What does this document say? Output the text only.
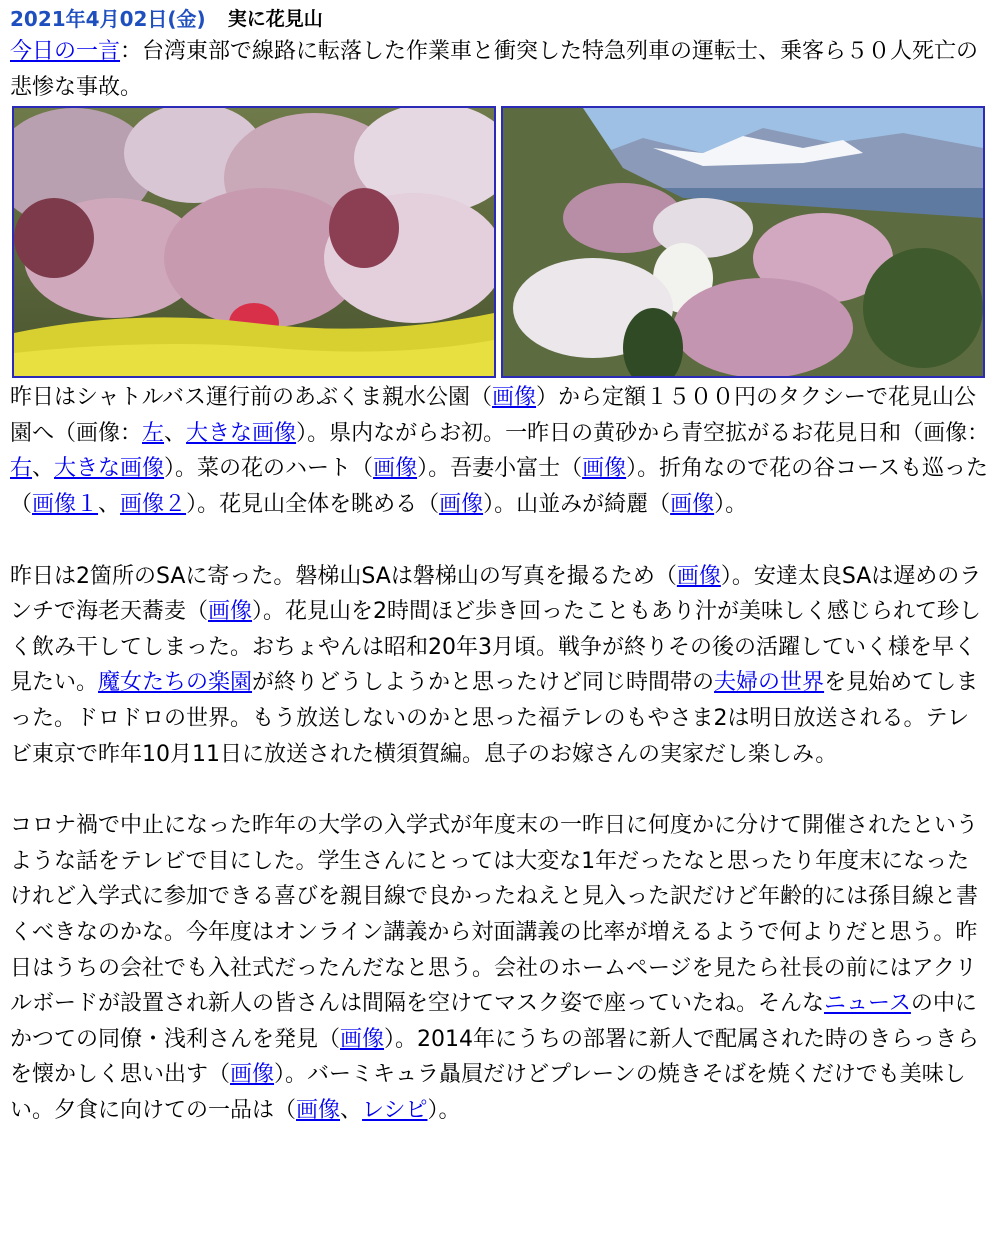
2021年4月02日(金) 実に花見山

今日の一言：台湾東部で線路に転落した作業車と衝突した特急列車の運転士、乗客ら５０人死亡の悲惨な事故。

昨日はシャトルバス運行前のあぶくま親水公園（画像）から定額１５００円のタクシーで花見山公園へ（画像：左、大きな画像）。県内ながらお初。一昨日の黄砂から青空拡がるお花見日和（画像：右、大きな画像）。菜の花のハート（画像）。吾妻小富士（画像）。折角なので花の谷コースも巡った（画像１、画像２）。花見山全体を眺める（画像）。山並みが綺麗（画像）。

昨日は2箇所のSAに寄った。磐梯山SAは磐梯山の写真を撮るため（画像）。安達太良SAは遅めのランチで海老天蕎麦（画像）。花見山を2時間ほど歩き回ったこともあり汁が美味しく感じられて珍しく飲み干してしまった。おちょやんは昭和20年3月頃。戦争が終りその後の活躍していく様を早く見たい。魔女たちの楽園が終りどうしようかと思ったけど同じ時間帯の夫婦の世界を見始めてしまった。ドロドロの世界。もう放送しないのかと思った福テレのもやさま2は明日放送される。テレビ東京で昨年10月11日に放送された横須賀編。息子のお嫁さんの実家だし楽しみ。

コロナ禍で中止になった昨年の大学の入学式が年度末の一昨日に何度かに分けて開催されたというような話をテレビで目にした。学生さんにとっては大変な1年だったなと思ったり年度末になったけれど入学式に参加できる喜びを親目線で良かったねえと見入った訳だけど年齢的には孫目線と書くべきなのかな。今年度はオンライン講義から対面講義の比率が増えるようで何よりだと思う。昨日はうちの会社でも入社式だったんだなと思う。会社のホームページを見たら社長の前にはアクリルボードが設置され新人の皆さんは間隔を空けてマスク姿で座っていたね。そんなニュースの中にかつての同僚・浅利さんを発見（画像）。2014年にうちの部署に新人で配属された時のきらっきらを懐かしく思い出す（画像）。バーミキュラ贔屓だけどプレーンの焼きそばを焼くだけでも美味しい。夕食に向けての一品は（画像、レシピ）。
